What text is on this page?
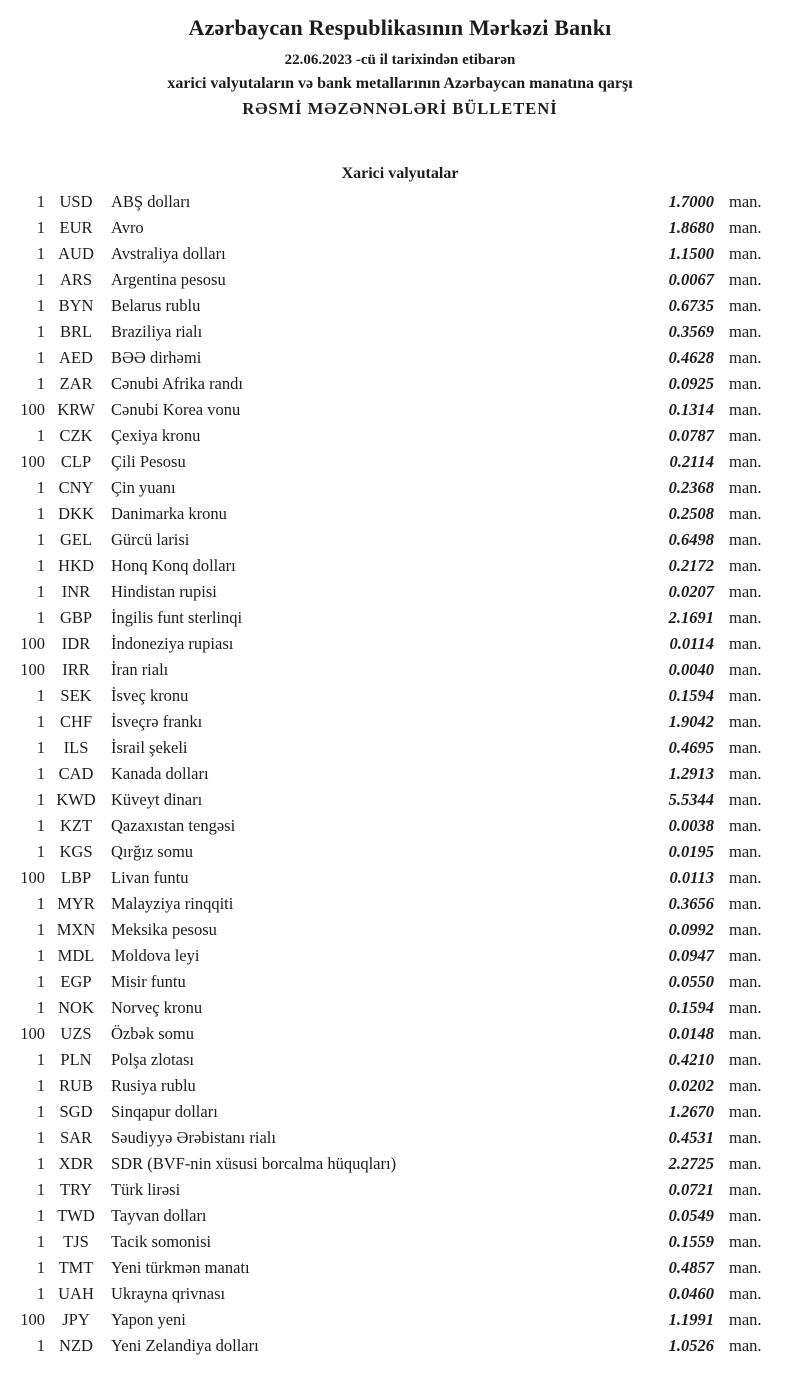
Azərbaycan Respublikasının Mərkəzi Bankı
22.06.2023 -cü il tarixindən etibarən
xarici valyutaların və bank metallarının Azərbaycan manatına qarşı
RƏSMİ MƏZƏNNƏLƏRİ BÜLLETENİ
Xarici valyutalar
1 USD	ABŞ dolları	1.7000 man.
1 EUR	Avro	1.8680 man.
1 AUD	Avstraliya dolları	1.1500 man.
1 ARS	Argentina pesosu	0.0067 man.
1 BYN	Belarus rublu	0.6735 man.
1 BRL	Braziliya rialı	0.3569 man.
1 AED	BƏƏ dirhəmi	0.4628 man.
1 ZAR	Cənubi Afrika randı	0.0925 man.
100 KRW Cənubi Korea vonu	0.1314 man.
1 CZK	Çexiya kronu	0.0787 man.
100 CLP	Çili Pesosu	0.2114 man.
1 CNY	Çin yuanı	0.2368 man.
1 DKK	Danimarka kronu	0.2508 man.
1 GEL	Gürcü larisi	0.6498 man.
1 HKD	Honq Konq dolları	0.2172 man.
1	INR	Hindistan rupisi	0.0207 man.
1 GBP	İngilis funt sterlinqi	2.1691 man.
100	IDR	İndoneziya rupiası	0.0114 man.
100	IRR	İran rialı	0.0040 man.
1 SEK	İsveç kronu	0.1594 man.
1 CHF	İsveçrə frankı	1.9042 man.
1	ILS	İsrail şekeli	0.4695 man.
1 CAD	Kanada dolları	1.2913 man.
1 KWD Küveyt dinarı	5.5344 man.
1 KZT	Qazaxıstan tengəsi	0.0038 man.
1 KGS	Qırğız somu	0.0195 man.
100 LBP	Livan funtu	0.0113 man.
1 MYR Malayziya rinqqiti	0.3656 man.
1 MXN Meksika pesosu	0.0992 man.
1 MDL	Moldova leyi	0.0947 man.
1 EGP	Misir funtu	0.0550 man.
1 NOK	Norveç kronu	0.1594 man.
100 UZS	Özbək somu	0.0148 man.
1 PLN	Polşa zlotası	0.4210 man.
1 RUB	Rusiya rublu	0.0202 man.
1 SGD	Sinqapur dolları	1.2670 man.
1 SAR	Səudiyyə Ərəbistanı rialı	0.4531 man.
1 XDR	SDR (BVF-nin xüsusi borcalma hüquqları)	2.2725 man.
1 TRY	Türk lirəsi	0.0721 man.
1 TWD Tayvan dolları	0.0549 man.
1	TJS	Tacik somonisi	0.1559 man.
1 TMT	Yeni türkmən manatı	0.4857 man.
1 UAH	Ukrayna qrivnası	0.0460 man.
100	JPY	Yapon yeni	1.1991 man.
1 NZD	Yeni Zelandiya dolları	1.0526 man.
